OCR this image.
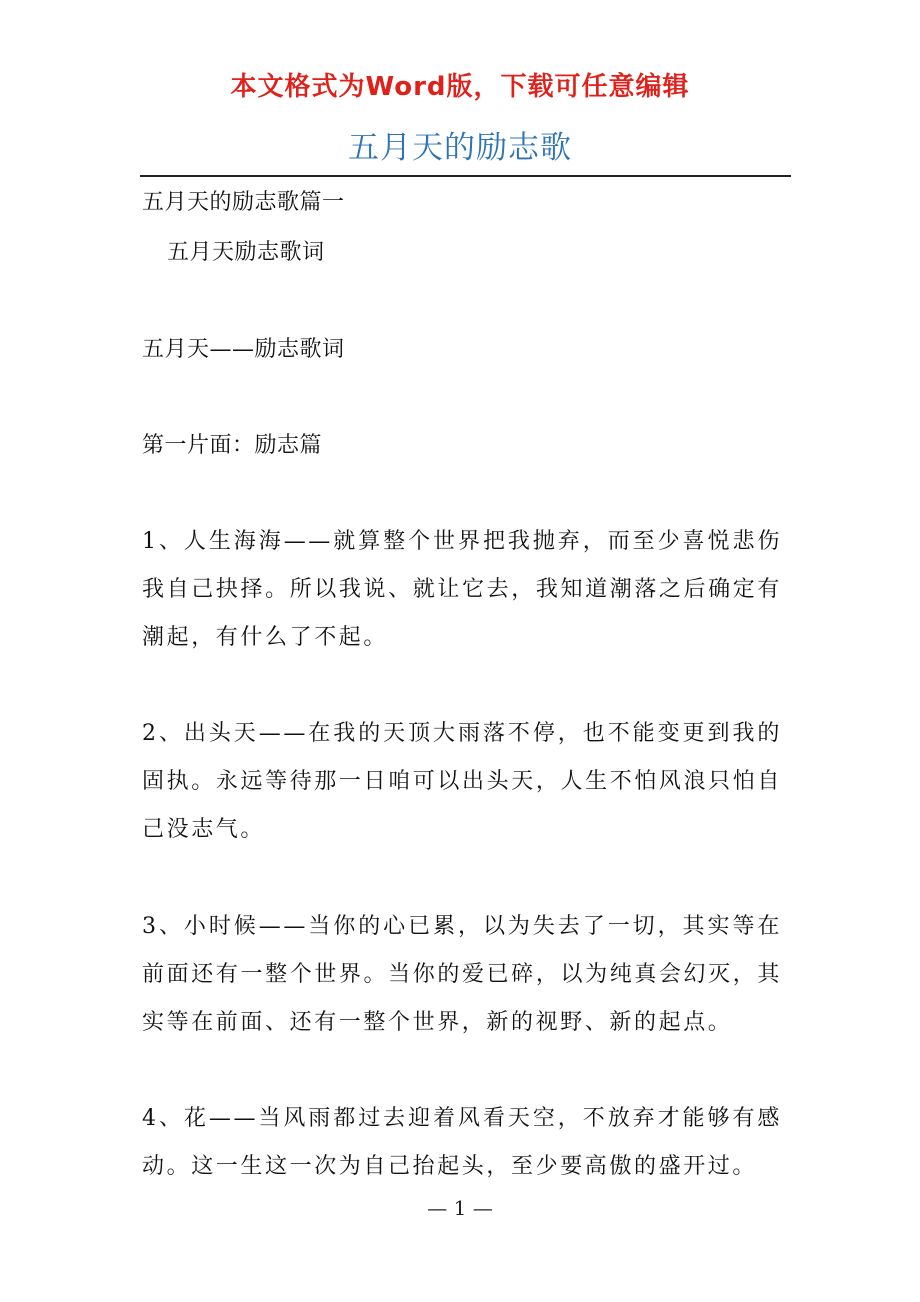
本文格式为Word版，下载可任意编辑
五月天的励志歌
五月天的励志歌篇一
五月天励志歌词
五月天——励志歌词
第一片面：励志篇
1、人生海海——就算整个世界把我抛弃，而至少喜悦悲伤我自己抉择。所以我说、就让它去，我知道潮落之后确定有潮起，有什么了不起。
2、出头天——在我的天顶大雨落不停，也不能变更到我的固执。永远等待那一日咱可以出头天，人生不怕风浪只怕自己没志气。
3、小时候——当你的心已累，以为失去了一切，其实等在前面还有一整个世界。当你的爱已碎，以为纯真会幻灭，其实等在前面、还有一整个世界，新的视野、新的起点。
4、花——当风雨都过去迎着风看天空，不放弃才能够有感动。这一生这一次为自己抬起头，至少要高傲的盛开过。
— 1 —
